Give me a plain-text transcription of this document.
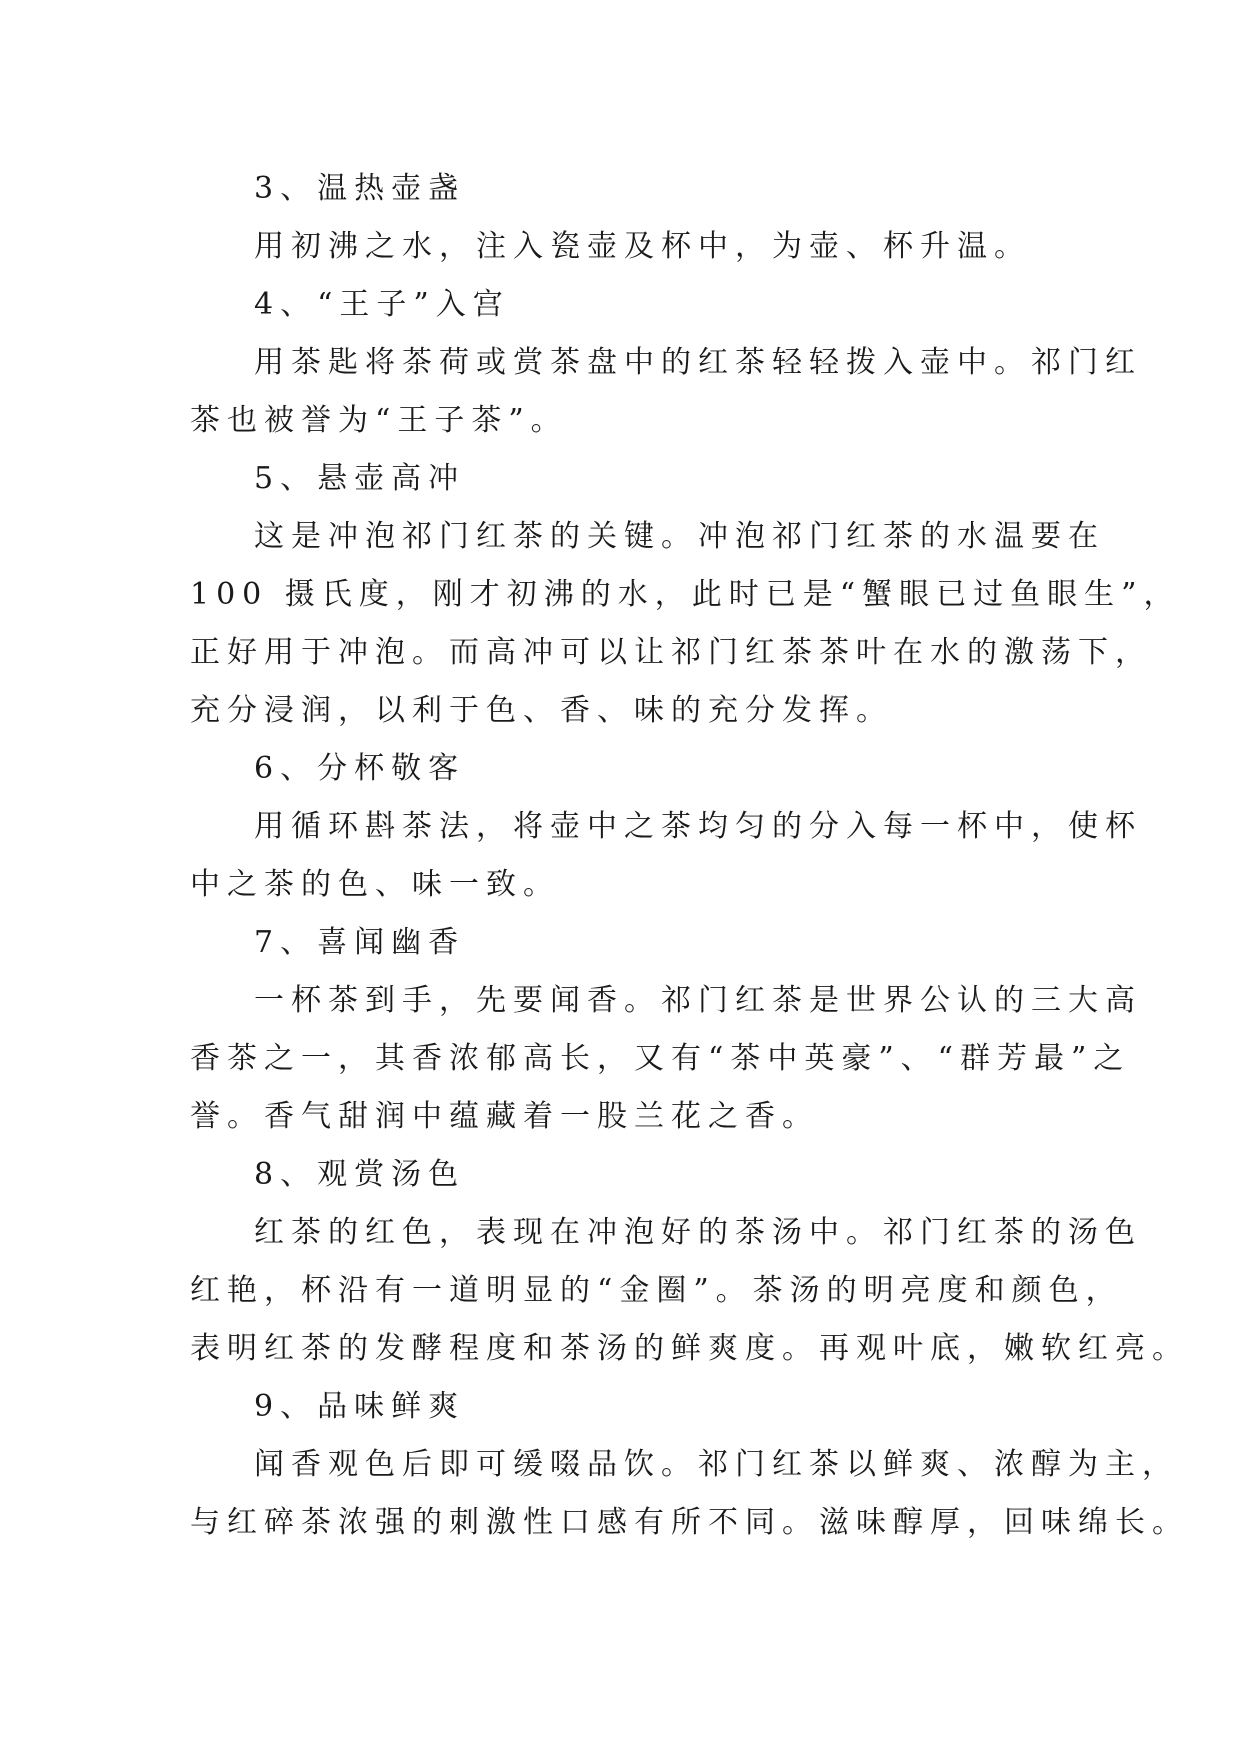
3、温热壶盏

用初沸之水，注入瓷壶及杯中，为壶、杯升温。

4、“王子”入宫

用茶匙将茶荷或赏茶盘中的红茶轻轻拨入壶中。祁门红

茶也被誉为“王子茶”。

5、悬壶高冲

这是冲泡祁门红茶的关键。冲泡祁门红茶的水温要在

100 摄氏度，刚才初沸的水，此时已是“蟹眼已过鱼眼生”，

正好用于冲泡。而高冲可以让祁门红茶茶叶在水的激荡下，

充分浸润，以利于色、香、味的充分发挥。

6、分杯敬客

用循环斟茶法，将壶中之茶均匀的分入每一杯中，使杯

中之茶的色、味一致。

7、喜闻幽香

一杯茶到手，先要闻香。祁门红茶是世界公认的三大高

香茶之一，其香浓郁高长，又有“茶中英豪”、“群芳最”之

誉。香气甜润中蕴藏着一股兰花之香。

8、观赏汤色

红茶的红色，表现在冲泡好的茶汤中。祁门红茶的汤色

红艳，杯沿有一道明显的“金圈”。茶汤的明亮度和颜色，

表明红茶的发酵程度和茶汤的鲜爽度。再观叶底，嫩软红亮。

9、品味鲜爽

闻香观色后即可缓啜品饮。祁门红茶以鲜爽、浓醇为主，

与红碎茶浓强的刺激性口感有所不同。滋味醇厚，回味绵长。
